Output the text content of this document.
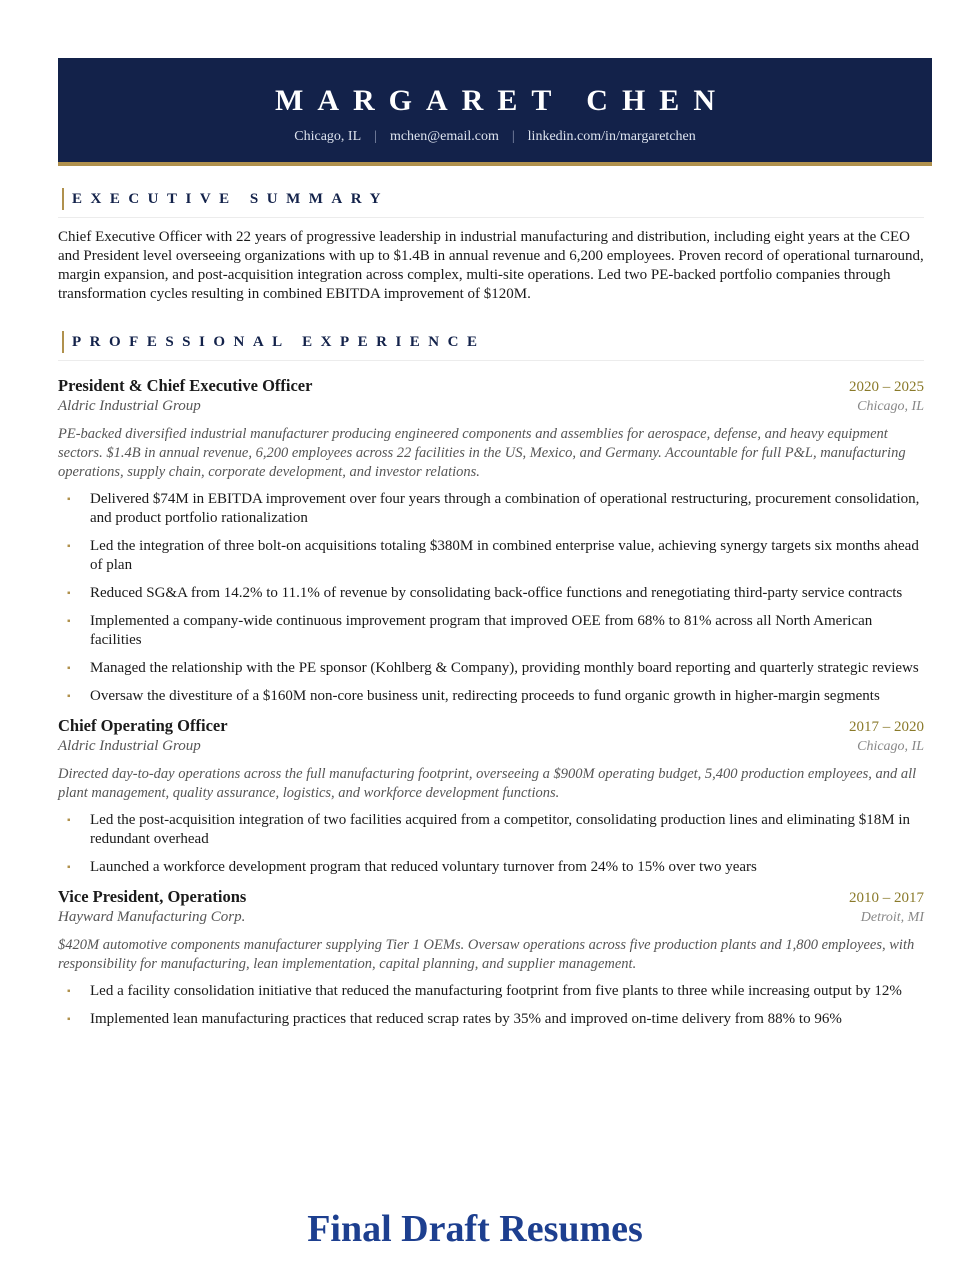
MARGARET CHEN
Chicago, IL | mchen@email.com | linkedin.com/in/margaretchen
EXECUTIVE SUMMARY

Chief Executive Officer with 22 years of progressive leadership in industrial manufacturing and distribution, including eight years at the CEO and President level overseeing organizations with up to $1.4B in annual revenue and 6,200 employees. Proven record of operational turnaround, margin expansion, and post-acquisition integration across complex, multi-site operations. Led two PE-backed portfolio companies through transformation cycles resulting in combined EBITDA improvement of $120M.

PROFESSIONAL EXPERIENCE
President & Chief Executive Officer	2020 – 2025
Aldric Industrial Group	Chicago, IL
PE-backed diversified industrial manufacturer producing engineered components and assemblies for aerospace, defense, and heavy equipment sectors. $1.4B in annual revenue, 6,200 employees across 22 facilities in the US, Mexico, and Germany. Accountable for full P&L, manufacturing operations, supply chain, corporate development, and investor relations.
▪ Delivered $74M in EBITDA improvement over four years through a combination of operational restructuring, procurement consolidation, and product portfolio rationalization
▪ Led the integration of three bolt-on acquisitions totaling $380M in combined enterprise value, achieving synergy targets six months ahead of plan
▪ Reduced SG&A from 14.2% to 11.1% of revenue by consolidating back-office functions and renegotiating third-party service contracts
▪ Implemented a company-wide continuous improvement program that improved OEE from 68% to 81% across all North American facilities
▪ Managed the relationship with the PE sponsor (Kohlberg & Company), providing monthly board reporting and quarterly strategic reviews
▪ Oversaw the divestiture of a $160M non-core business unit, redirecting proceeds to fund organic growth in higher-margin segments
Chief Operating Officer	2017 – 2020
Aldric Industrial Group	Chicago, IL
Directed day-to-day operations across the full manufacturing footprint, overseeing a $900M operating budget, 5,400 production employees, and all plant management, quality assurance, logistics, and workforce development functions.
▪ Led the post-acquisition integration of two facilities acquired from a competitor, consolidating production lines and eliminating $18M in redundant overhead
▪ Launched a workforce development program that reduced voluntary turnover from 24% to 15% over two years
Vice President, Operations	2010 – 2017
Hayward Manufacturing Corp.	Detroit, MI
$420M automotive components manufacturer supplying Tier 1 OEMs. Oversaw operations across five production plants and 1,800 employees, with responsibility for manufacturing, lean implementation, capital planning, and supplier management.
▪ Led a facility consolidation initiative that reduced the manufacturing footprint from five plants to three while increasing output by 12%
▪ Implemented lean manufacturing practices that reduced scrap rates by 35% and improved on-time delivery from 88% to 96%
Final Draft Resumes
